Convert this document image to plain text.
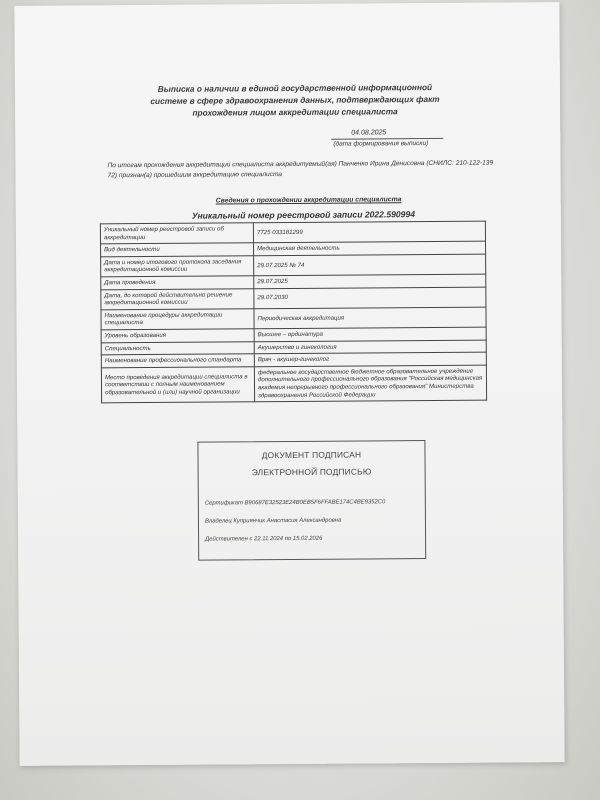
Выписка о наличии в единой государственной информационной
системе в сфере здравоохранения данных, подтверждающих факт
прохождения лицом аккредитации специалиста
04.08.2025
(дата формирования выписки)
По итогам прохождения аккредитации специалиста аккредитуемый(ая) Панченко Ирина Денисовна (СНИЛС: 210-122-139 72) признан(а) прошедшим аккредитацию специалиста
Сведения о прохождении аккредитации специалиста
Уникальный номер реестровой записи 2022.590994
Уникальный номер реестровой записи об аккредитации	7725 033181299
Вид деятельности	Медицинская деятельность
Дата и номер итогового протокола заседания аккредитационной комиссии	29.07.2025 № 74
Дата проведения	29.07.2025
Дата, до которой действительно решение аккредитационной комиссии	29.07.2030
Наименование процедуры аккредитации специалиста	Периодическая аккредитация
Уровень образования	Высшее – ординатура
Специальность	Акушерство и гинекология
Наименование профессионального стандарта	Врач - акушер-гинеколог
Место проведения аккредитации специалиста в соответствии с полным наименованием образовательной и (или) научной организации	федеральное государственное бюджетное образовательное учреждение дополнительного профессионального образования "Российская медицинская академия непрерывного профессионального образования" Министерства здравоохранения Российской Федерации
ДОКУМЕНТ ПОДПИСАН
ЭЛЕКТРОННОЙ ПОДПИСЬЮ
Сертификат B90687E32523E24B0EB5F6FFABE174C4BE9352C0
Владелец Куприянчик Анастасия Александровна
Действителен с 22.11.2024 по 15.02.2026
